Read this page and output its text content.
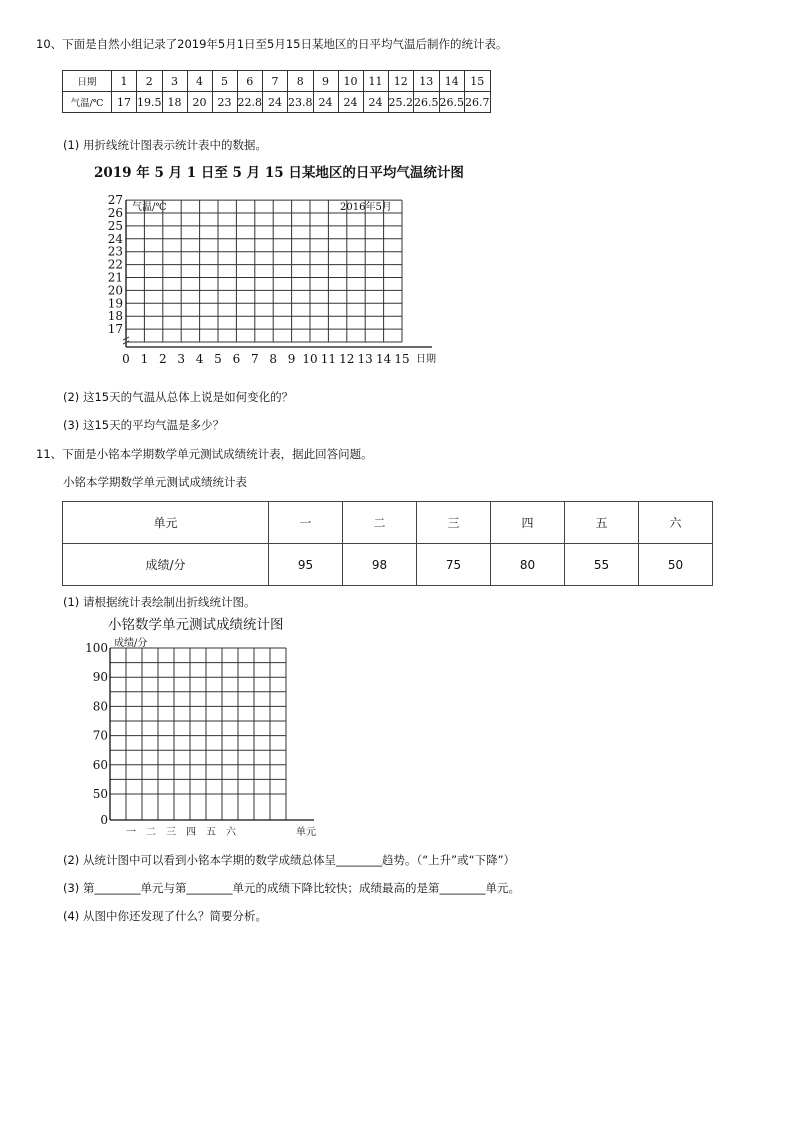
10、下面是自然小组记录了2019年5月1日至5月15日某地区的日平均气温后制作的统计表。
日期	1	2	3	4	5	6	7	8	9	10	11	12	13	14	15
气温/℃	17	19.5	18	20	23	22.8	24	23.8	24	24	24	25.2	26.5	26.5	26.7
(1) 用折线统计图表示统计表中的数据。
2019 年 5 月 1 日至 5 月 15 日某地区的日平均气温统计图
17
18
19
20
21
22
23
24
25
26
27
0 1 2 3 4 5 6 7 8 9 10 11 12 13 14 15 日期
气温/℃	2016年5月
0
50
60
70
80
90
100
一 二 三 四 五 六	单元
成绩/分
(2) 这15天的气温从总体上说是如何变化的？
(3) 这15天的平均气温是多少？
11、下面是小铭本学期数学单元测试成绩统计表，据此回答问题。
小铭本学期数学单元测试成绩统计表
单元	一	二	三	四	五	六
成绩/分	95	98	75	80	55	50
(1) 请根据统计表绘制出折线统计图。
小铭数学单元测试成绩统计图
(2) 从统计图中可以看到小铭本学期的数学成绩总体呈________趋势。（“上升”或“下降”）
(3) 第________单元与第________单元的成绩下降比较快；成绩最高的是第________单元。
(4) 从图中你还发现了什么？简要分析。
